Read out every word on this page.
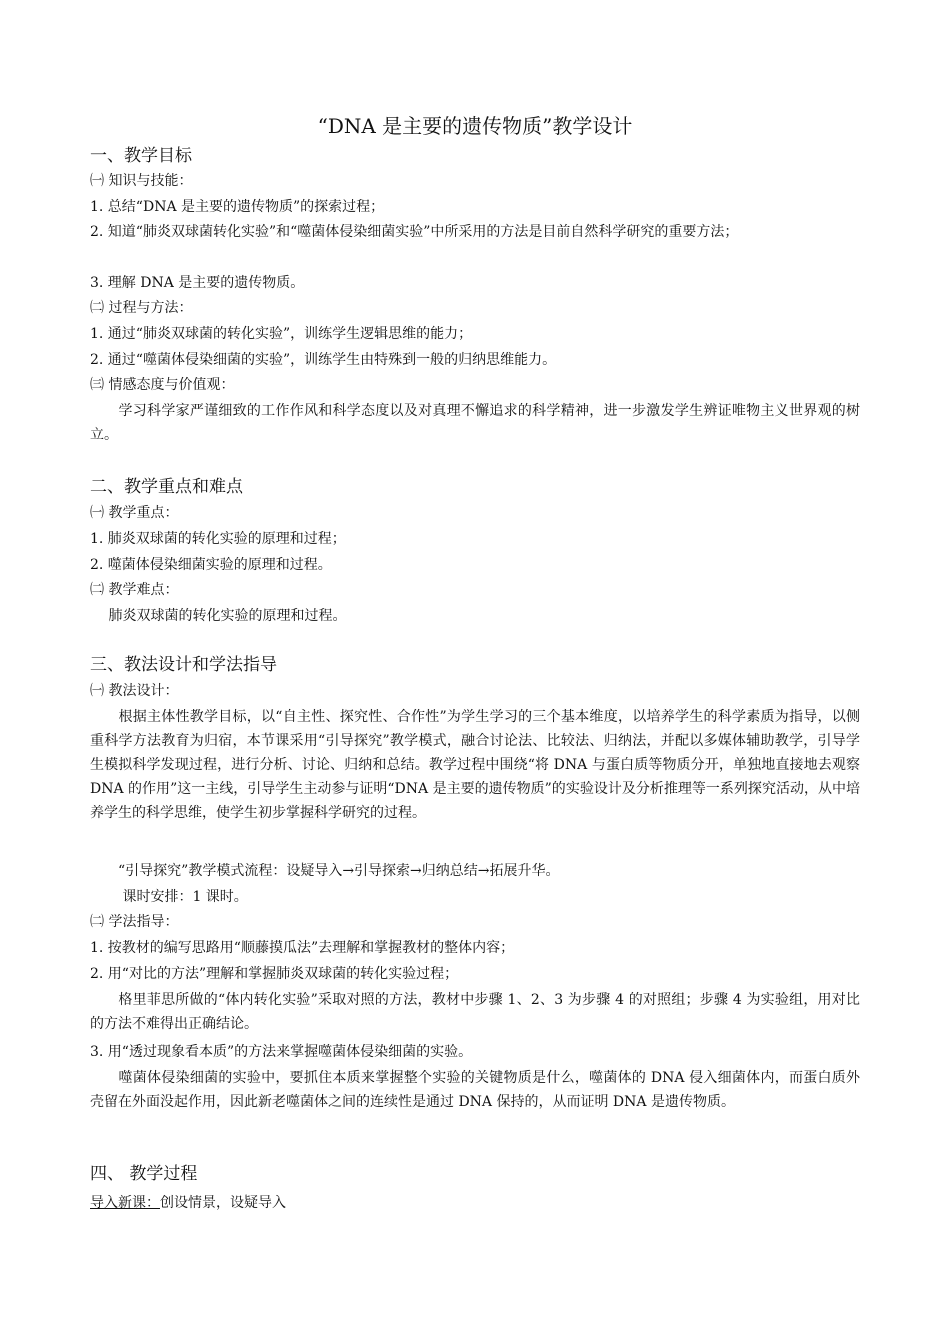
“DNA 是主要的遗传物质”教学设计
一、教学目标
㈠ 知识与技能：
1. 总结“DNA 是主要的遗传物质”的探索过程；
2. 知道“肺炎双球菌转化实验”和“噬菌体侵染细菌实验”中所采用的方法是目前自然科学研究的重要方法；
3. 理解 DNA 是主要的遗传物质。
㈡ 过程与方法：
1. 通过“肺炎双球菌的转化实验”，训练学生逻辑思维的能力；
2. 通过“噬菌体侵染细菌的实验”，训练学生由特殊到一般的归纳思维能力。
㈢ 情感态度与价值观：
　　学习科学家严谨细致的工作作风和科学态度以及对真理不懈追求的科学精神，进一步激发学生辨证唯物主义世界观的树立。
二、教学重点和难点
㈠ 教学重点：
1. 肺炎双球菌的转化实验的原理和过程；
2. 噬菌体侵染细菌实验的原理和过程。
㈡ 教学难点：
　 肺炎双球菌的转化实验的原理和过程。
三、教法设计和学法指导
㈠ 教法设计：
　　根据主体性教学目标，以“自主性、探究性、合作性”为学生学习的三个基本维度，以培养学生的科学素质为指导，以侧重科学方法教育为归宿，本节课采用“引导探究”教学模式，融合讨论法、比较法、归纳法，并配以多媒体辅助教学，引导学生模拟科学发现过程，进行分析、讨论、归纳和总结。教学过程中围绕“将 DNA 与蛋白质等物质分开，单独地直接地去观察 DNA 的作用”这一主线，引导学生主动参与证明“DNA 是主要的遗传物质”的实验设计及分析推理等一系列探究活动，从中培养学生的科学思维，使学生初步掌握科学研究的过程。
　　“引导探究”教学模式流程：设疑导入→引导探索→归纳总结→拓展升华。
　　 课时安排：1 课时。
㈡ 学法指导：
1. 按教材的编写思路用“顺藤摸瓜法”去理解和掌握教材的整体内容；
2. 用“对比的方法”理解和掌握肺炎双球菌的转化实验过程；
　　格里菲思所做的“体内转化实验”采取对照的方法，教材中步骤 1、2、3 为步骤 4 的对照组；步骤 4 为实验组，用对比的方法不难得出正确结论。
3. 用“透过现象看本质”的方法来掌握噬菌体侵染细菌的实验。
　　噬菌体侵染细菌的实验中，要抓住本质来掌握整个实验的关键物质是什么，噬菌体的 DNA 侵入细菌体内，而蛋白质外壳留在外面没起作用，因此新老噬菌体之间的连续性是通过 DNA 保持的，从而证明 DNA 是遗传物质。
四、 教学过程
导入新课：创设情景，设疑导入
